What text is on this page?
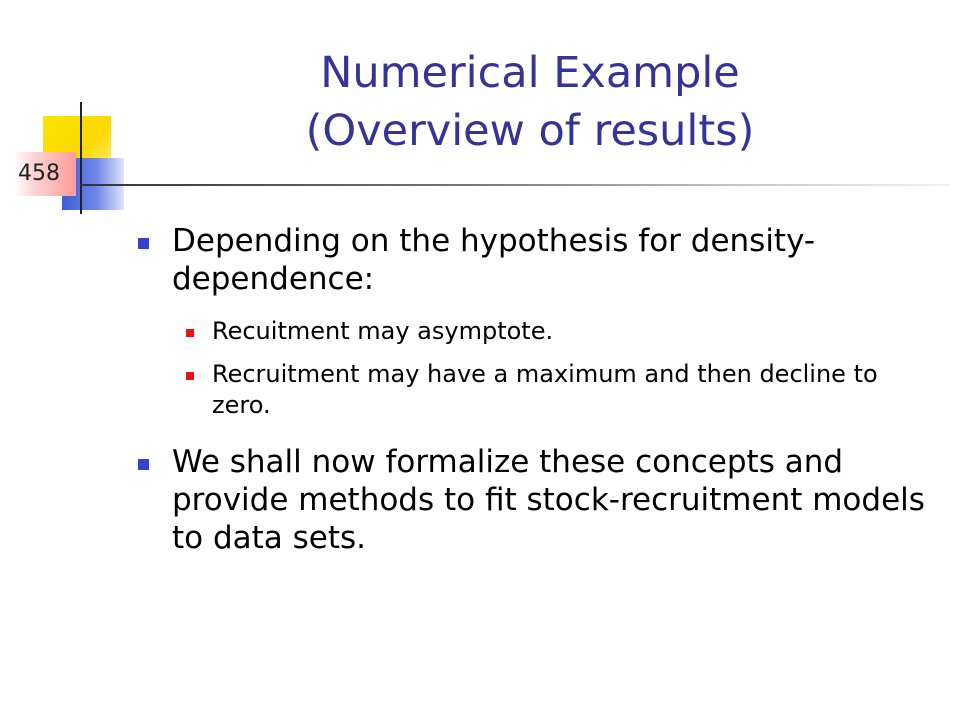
458
Numerical Example
(Overview of results)
Depending on the hypothesis for density-dependence:
Recuitment may asymptote.
Recruitment may have a maximum and then decline to zero.
We shall now formalize these concepts and provide methods to fit stock-recruitment models to data sets.
